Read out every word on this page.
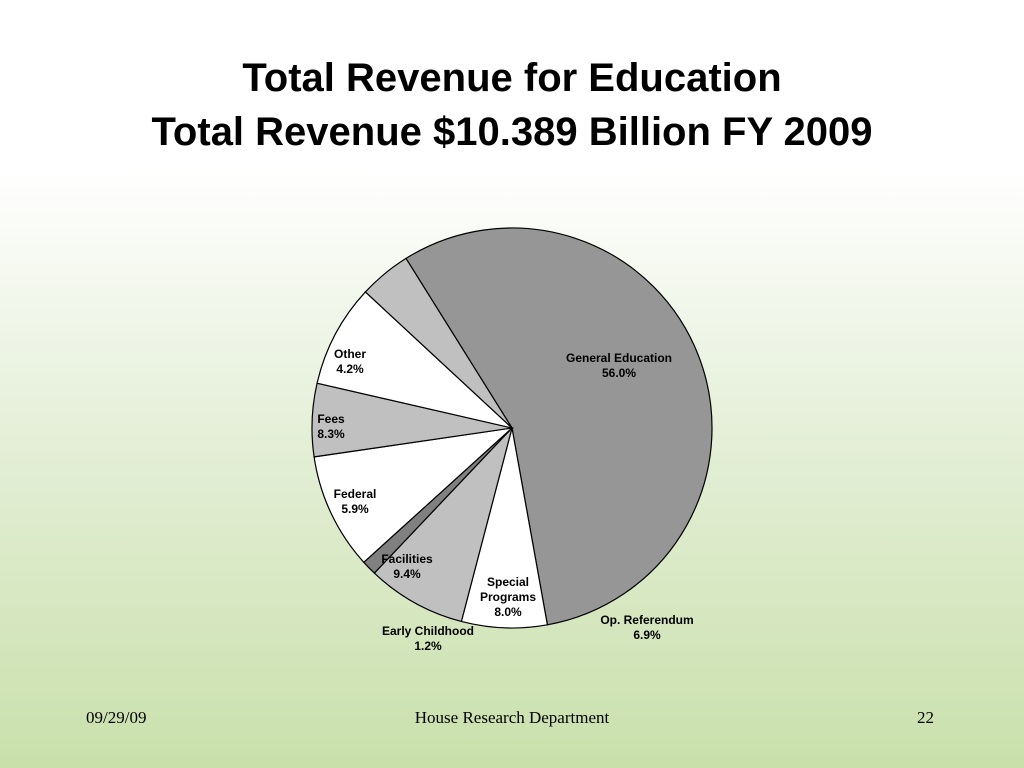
Total Revenue for Education
Total Revenue $10.389 Billion FY 2009
General Education 56.0%
Op. Referendum 6.9%
Special Programs 8.0%
Early Childhood 1.2%
Facilities 9.4%
Federal 5.9%
Fees 8.3%
Other 4.2%
09/29/09	House Research Department	22
